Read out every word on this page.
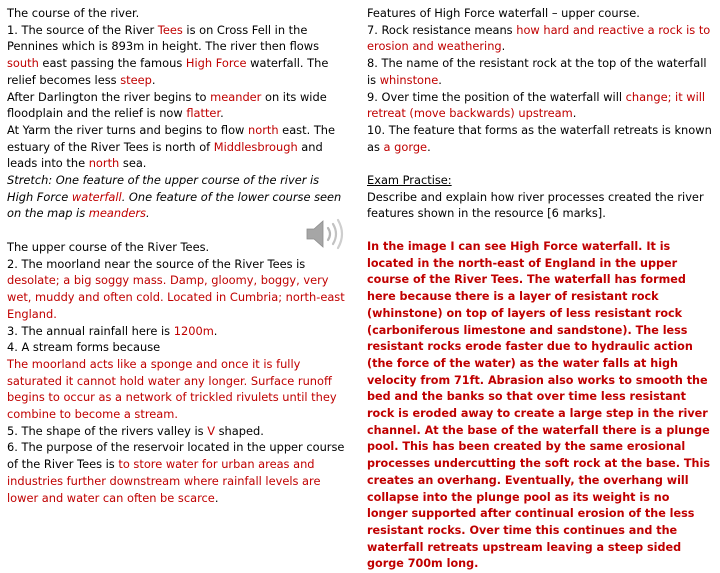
The course of the river.

1. The source of the River Tees is on Cross Fell in the Pennines which is 893m in height. The river then flows south east passing the famous High Force waterfall. The relief becomes less steep.

After Darlington the river begins to meander on its wide floodplain and the relief is now flatter.

At Yarm the river turns and begins to flow north east. The estuary of the River Tees is north of Middlesbrough and leads into the north sea.

Stretch: One feature of the upper course of the river is High Force waterfall. One feature of the lower course seen on the map is meanders.

The upper course of the River Tees.

2. The moorland near the source of the River Tees is desolate; a big soggy mass. Damp, gloomy, boggy, very wet, muddy and often cold. Located in Cumbria; north-east England.

3. The annual rainfall here is 1200m.

4. A stream forms because

The moorland acts like a sponge and once it is fully saturated it cannot hold water any longer. Surface runoff begins to occur as a network of trickled rivulets until they combine to become a stream.

5. The shape of the rivers valley is V shaped.

6. The purpose of the reservoir located in the upper course of the River Tees is to store water for urban areas and industries further downstream where rainfall levels are lower and water can often be scarce.

Features of High Force waterfall – upper course.

7. Rock resistance means how hard and reactive a rock is to erosion and weathering.

8. The name of the resistant rock at the top of the waterfall is whinstone.

9. Over time the position of the waterfall will change; it will retreat (move backwards) upstream.

10. The feature that forms as the waterfall retreats is known as a gorge.

Exam Practise:

Describe and explain how river processes created the river features shown in the resource [6 marks].

In the image I can see High Force waterfall. It is located in the north-east of England in the upper course of the River Tees. The waterfall has formed here because there is a layer of resistant rock (whinstone) on top of layers of less resistant rock (carboniferous limestone and sandstone). The less resistant rocks erode faster due to hydraulic action (the force of the water) as the water falls at high velocity from 71ft. Abrasion also works to smooth the bed and the banks so that over time less resistant rock is eroded away to create a large step in the river channel. At the base of the waterfall there is a plunge pool. This has been created by the same erosional processes undercutting the soft rock at the base. This creates an overhang. Eventually, the overhang will collapse into the plunge pool as its weight is no longer supported after continual erosion of the less resistant rocks. Over time this continues and the waterfall retreats upstream leaving a steep sided gorge 700m long.
